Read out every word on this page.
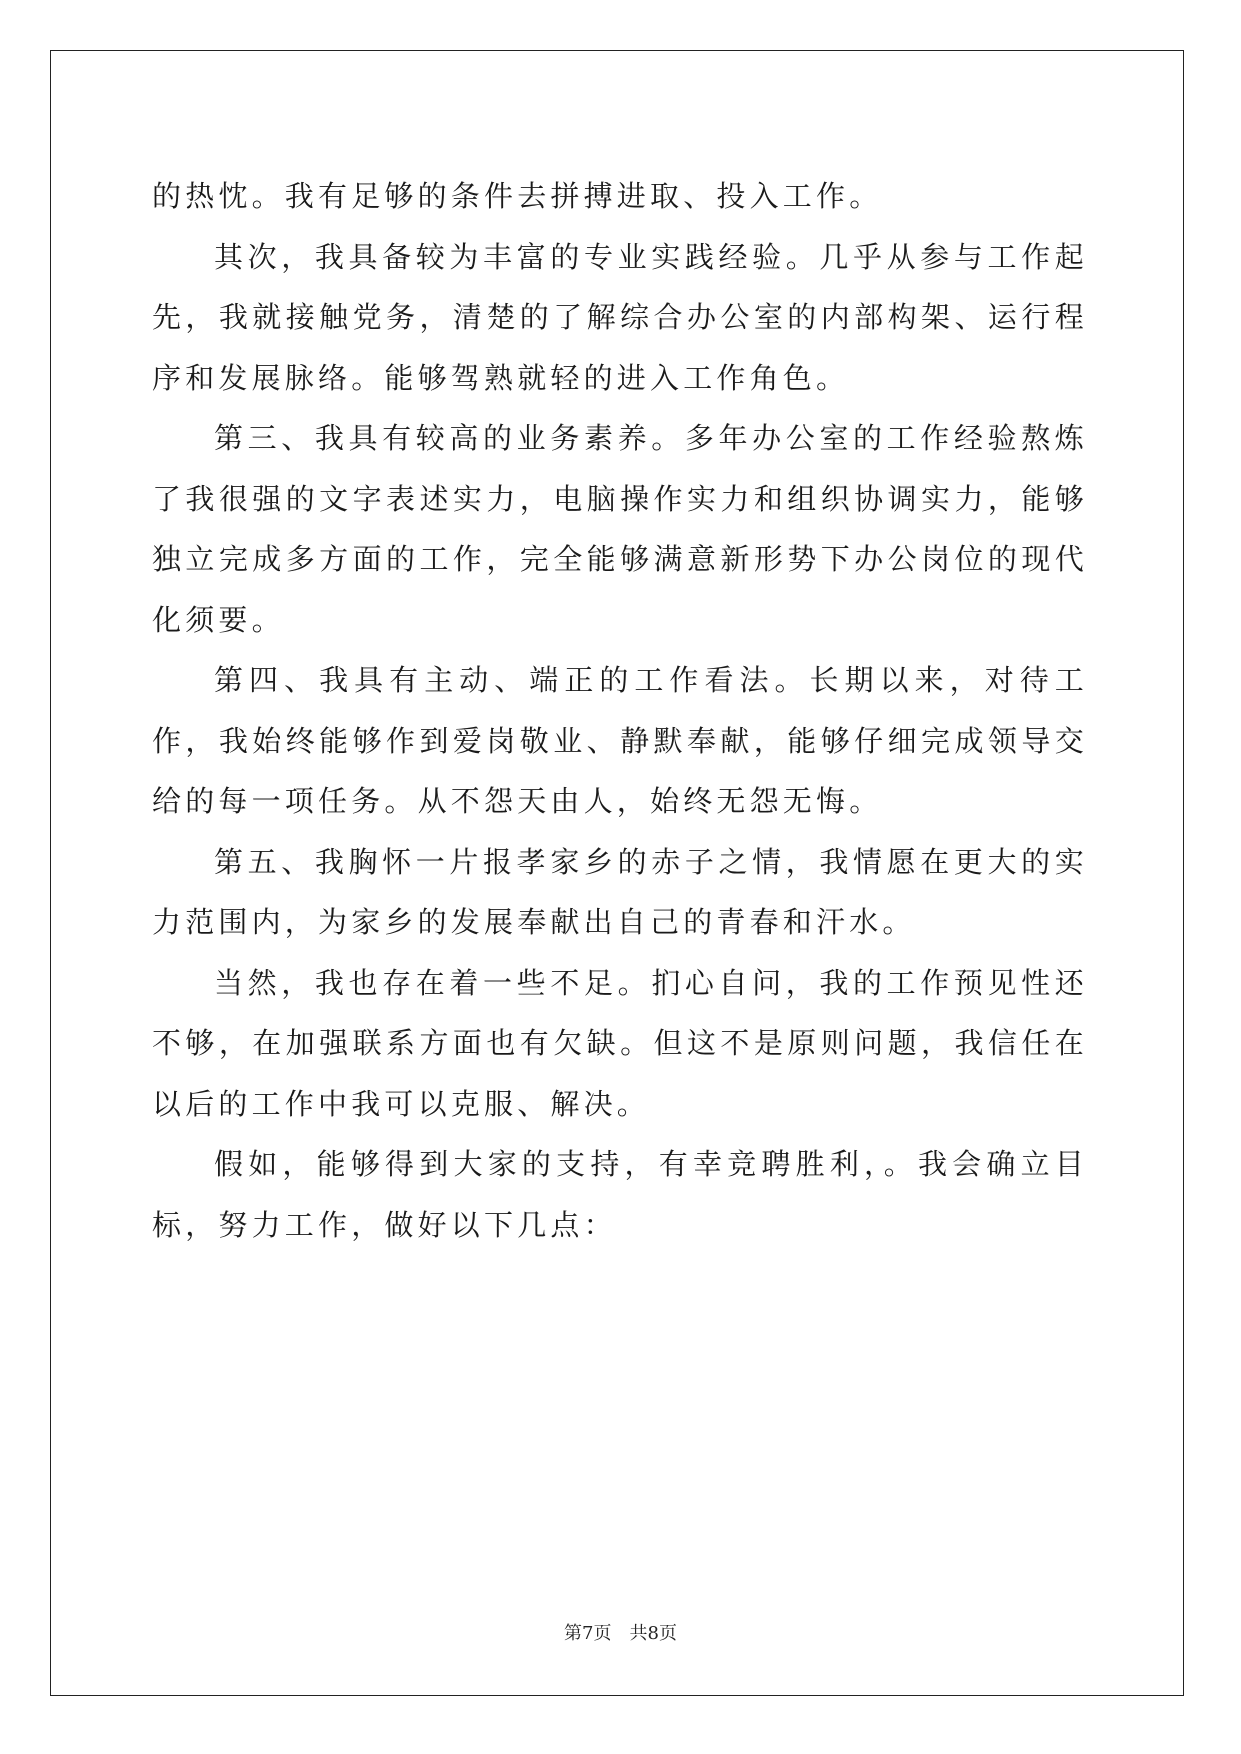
的热忱。我有足够的条件去拼搏进取、投入工作。

其次，我具备较为丰富的专业实践经验。几乎从参与工作起先，我就接触党务，清楚的了解综合办公室的内部构架、运行程序和发展脉络。能够驾熟就轻的进入工作角色。

第三、我具有较高的业务素养。多年办公室的工作经验熬炼了我很强的文字表述实力，电脑操作实力和组织协调实力，能够独立完成多方面的工作，完全能够满意新形势下办公岗位的现代化须要。

第四、我具有主动、端正的工作看法。长期以来，对待工作，我始终能够作到爱岗敬业、静默奉献，能够仔细完成领导交给的每一项任务。从不怨天由人，始终无怨无悔。

第五、我胸怀一片报孝家乡的赤子之情，我情愿在更大的实力范围内，为家乡的发展奉献出自己的青春和汗水。

当然，我也存在着一些不足。扪心自问，我的工作预见性还不够，在加强联系方面也有欠缺。但这不是原则问题，我信任在以后的工作中我可以克服、解决。

假如，能够得到大家的支持，有幸竞聘胜利，。我会确立目标，努力工作，做好以下几点：

第7页 共8页
